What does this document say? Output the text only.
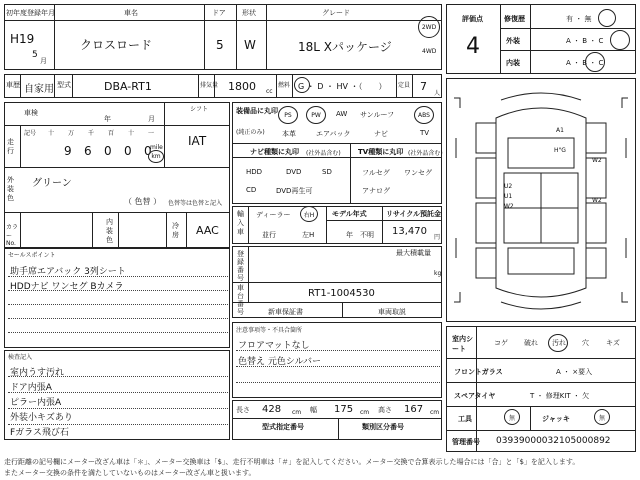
初年度登録年月
H19
5
月
車名
クロスロード
ドア
5
形状
W
グレード
18L Xパッケージ
2WD
4WD
車歴 自家用 型式	DBA-RT1	排気量 1800 cc
燃料 G ・ D ・ HV ・（　　） 定員 7
人
車検
年	月
シフト
IAT
走行
記号 十 万 千 百 十 一
9 6 0 0 0
mile
km
外装色
グリーン
（ 色替 ） 色替等は色替と記入
カラーNo.
内装色
冷房 AAC
装備品に丸印
(純正のみ)
PS	PW	AW サンルーフ	ABS
本革	エアバック	ナビ	TV
ナビ種類に丸印 (社外品含む)
HDD	DVD	SD
CD	DVD再生可
TV種類に丸印 (社外品含む)
フルセグ ワンセグ
アナログ
輸入車
ディーラー 右H
並行	左H
モデル年式
年　不明
リサイクル預託金
13,470
円
最大積載量
kg
登録番号
車台番号
RT1-1004530
新車保証書	車両取説
セールスポイント
助手席エアバック 3列シート
HDDナビ ワンセグ Bカメラ
注意事項等・不具合箇所
フロアマットなし
色替え 元色シルバー
検査記入
室内うす汚れ
ドア内張A
ピラー内張A
外装小キズあり
Fガラス飛び石
長さ 428 cm 幅 175 cm 高さ 167 cm
型式指定番号	類別区分番号
評価点
4
修復歴	有 ・ 無
外装	A ・ B ・ C
内装	A ・ B ・ C
A1
H"G
W2
U2
U1
W2
W2
室内シート
コゲ 破れ 汚れ 穴 キズ
フロントガラス	A ・ ×要入
スペアタイヤ	T ・ 修理KIT ・ 欠
工具	無	ジャッキ	無
管理番号 0393900003210500​0892
走行距離の記号欄にメーター改ざん車は「＊」、メーター交換車は「$」、走行不明車は「＃」を記入してください。メーター交換で合算表示した場合には「合」と「$」を記入します。
またメーター交換の条件を満たしていないものはメーター改ざん車と扱います。
